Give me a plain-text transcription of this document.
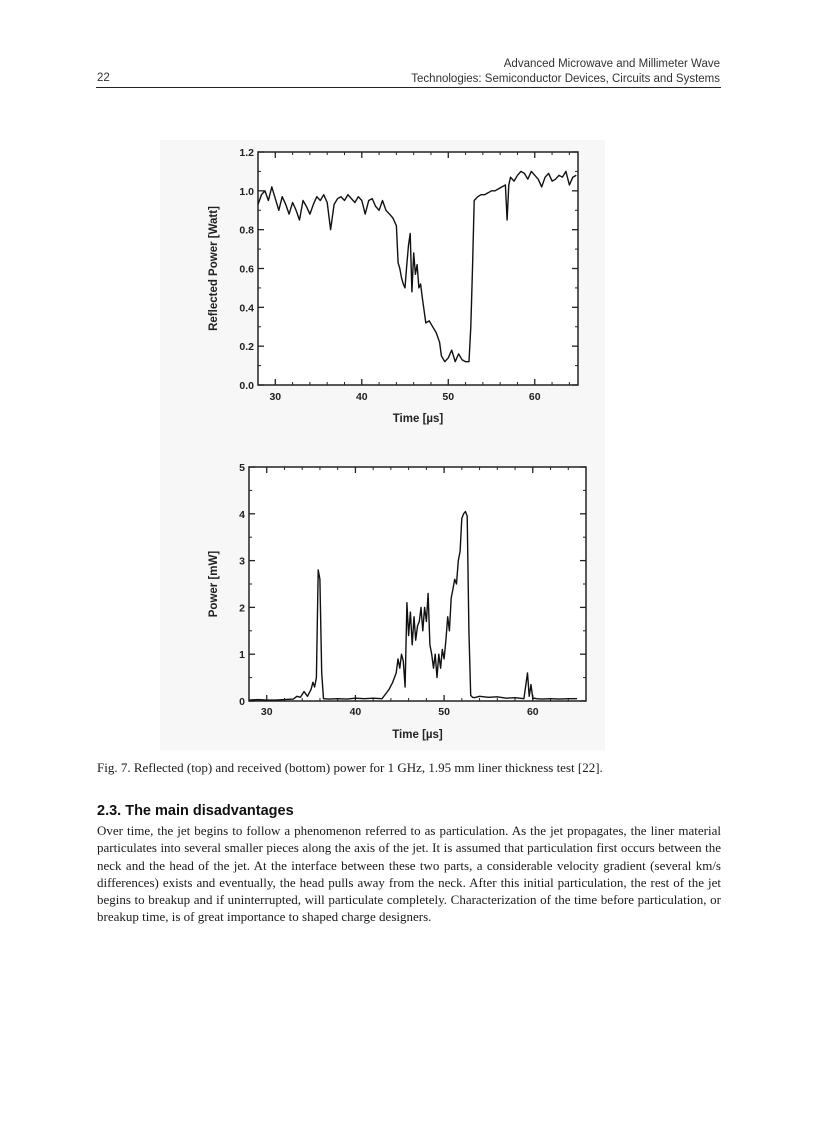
Advanced Microwave and Millimeter Wave
Technologies: Semiconductor Devices, Circuits and Systems
22
0.0
0.2
0.4
0.6
0.8
1.0
1.2
30	40	50	60
Time [µs]
Reflected Power [Watt]
0
1
2
3
4
5
30	40	50	60
Time [µs]
Power [mW]
Fig. 7. Reflected (top) and received (bottom) power for 1 GHz, 1.95 mm liner thickness test [22].
2.3. The main disadvantages
Over time, the jet begins to follow a phenomenon referred to as particulation. As the jet propagates, the liner material particulates into several smaller pieces along the axis of the jet. It is assumed that particulation first occurs between the neck and the head of the jet. At the interface between these two parts, a considerable velocity gradient (several km/s differences) exists and eventually, the head pulls away from the neck. After this initial particulation, the rest of the jet begins to breakup and if uninterrupted, will particulate completely. Characterization of the time before particulation, or breakup time, is of great importance to shaped charge designers.
